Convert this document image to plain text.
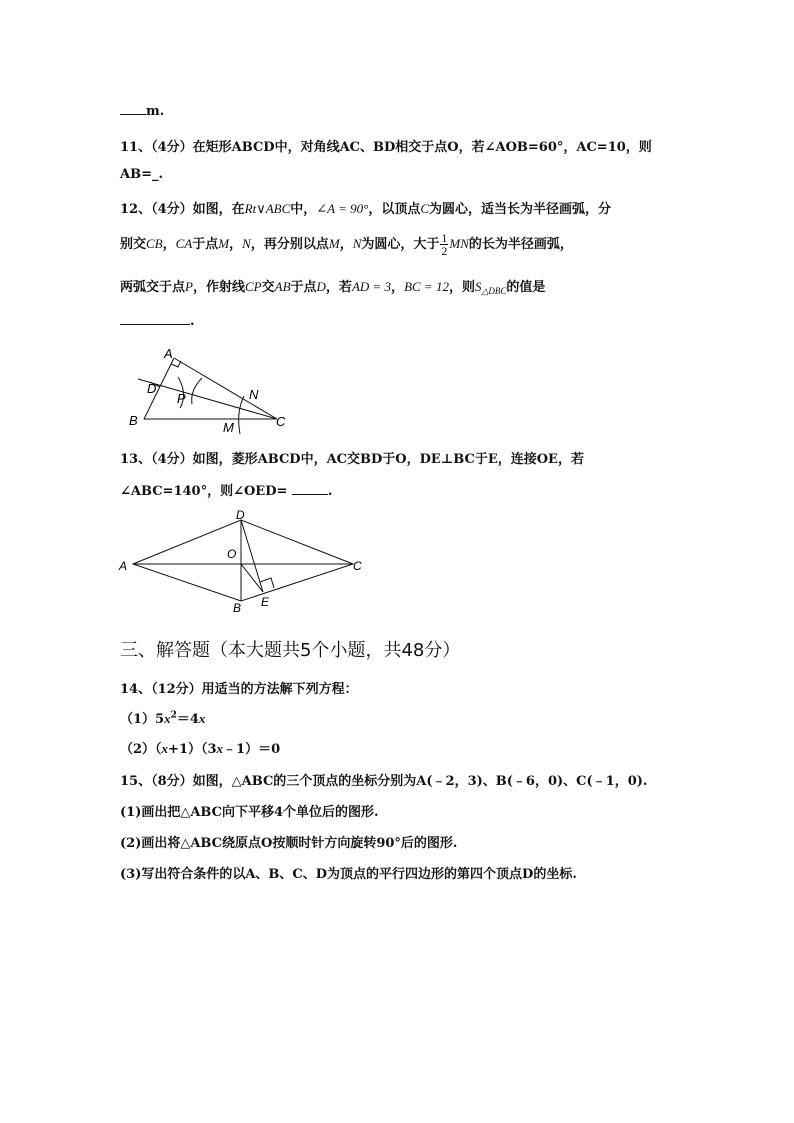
m.
11、（4分）在矩形ABCD中，对角线AC、BD相交于点O，若∠AOB=60°，AC=10，则
AB=_.
12、（4分）如图，在Rt∨ABC中，∠A = 90°，以顶点C为圆心，适当长为半径画弧，分
别交CB，CA于点M，N，再分别以点M，N为圆心，大于 $\frac{1}{2}$ MN的长为半径画弧，
两弧交于点P，作射线CP交AB于点D，若AD = 3，BC = 12，则$S_{\triangle DBC}$的值是
.
A
D
P	N
B	M	C
13、（4分）如图，菱形ABCD中，AC交BD于O，DE⊥BC于E，连接OE，若
∠ABC=140°，则∠OED=	.
D
O
A	C
B E
三、解答题（本大题共5个小题，共48分）
14、（12分）用适当的方法解下列方程：
$(1)5x^2=4x$
（2）（x+1）（3x﹣1）＝0
15、（8分）如图，△ABC的三个顶点的坐标分别为A(﹣2，3)、B(﹣6，0)、C(﹣1，0).
(1)画出把△ABC向下平移4个单位后的图形.
(2)画出将△ABC绕原点O按顺时针方向旋转90°后的图形.
(3)写出符合条件的以A、B、C、D为顶点的平行四边形的第四个顶点D的坐标.
